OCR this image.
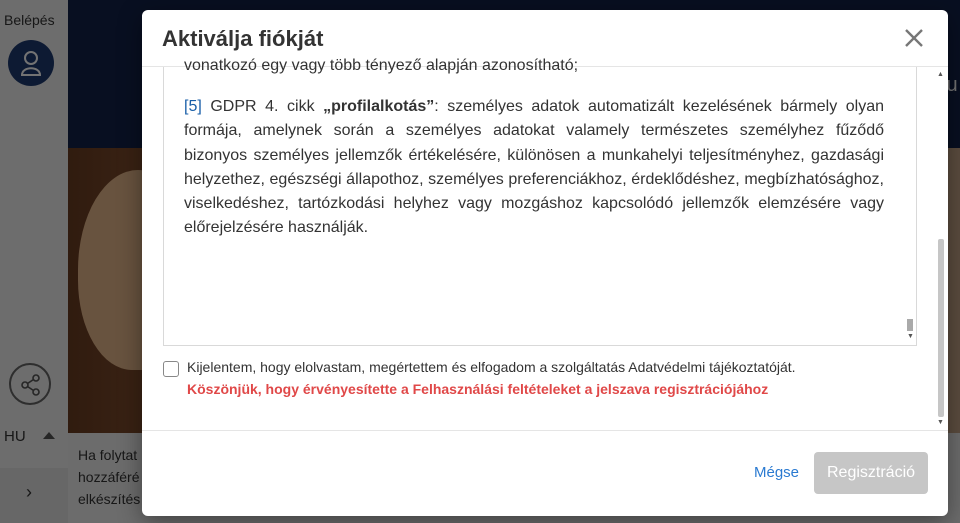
Aktiválja fiókját
vonatkozó egy vagy több tényező alapján azonosítható;
[5] GDPR 4. cikk „profilalkotás”: személyes adatok automatizált kezelésének bármely olyan formája, amelynek során a személyes adatokat valamely természetes személyhez fűződő bizonyos személyes jellemzők értékelésére, különösen a munkahelyi teljesítményhez, gazdasági helyzethez, egészségi állapothoz, személyes preferenciákhoz, érdeklődéshez, megbízhatósághoz, viselkedéshez, tartózkodási helyhez vagy mozgáshoz kapcsolódó jellemzők elemzésére vagy előrejelzésére használják.
▼
Kijelentem, hogy elolvastam, megértettem és elfogadom a szolgáltatás Adatvédelmi tájékoztatóját.
Köszönjük, hogy érvényesítette a Felhasználási feltételeket a jelszava regisztrációjához
▲
▼
Mégse	Regisztráció
